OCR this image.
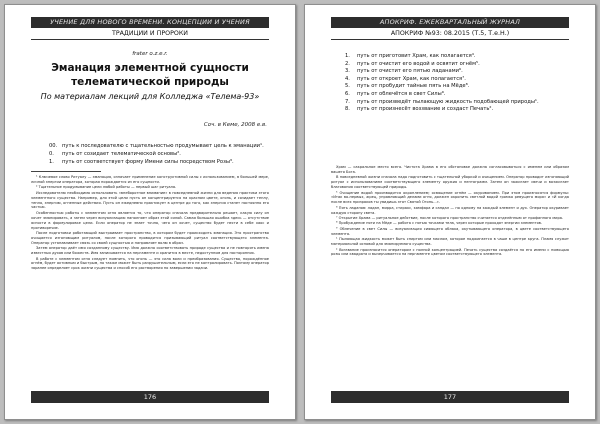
УЧЕНИЕ ДЛЯ НОВОГО ВРЕМЕНИ. КОНЦЕПЦИИ И УЧЕНИЯ
ТРАДИЦИИ И ПРОРОКИ
frater o.z.e.r.
Эманация элементной сущности
телематической природы
По материалам лекций для Колледжа «Телема-93»
Соч. в Кеме, 2008 е.в.
00. путь к последователю с тщательностью продумывает цель к эманации¹.
0. путь от созидает телематической основы².
1. путь от соответствует форму Имени силы посредством Розы³.

¹ Ключевое слово Ритуалу — эманация, означает применение конструктивной силы с использованием, в большей мере, личной энергии оператора, которая порождается из его сущности.

² Тщательное продумывание цели любой работы — первый шаг ритуала.

Исследователю необходимо использовать «внеборотное внимание» в повседневной жизни для ведения практики этого элементного существа. Например, для этой цели пусть он концентрируется на красном цвете, огонь, и созидает теплу, тепло, энергию, огненные действия. Пусть он ежедневно практикует в центре до того, как энергия станет постоянно его частью.

Особенностью работы с элементом огня является то, что оператор сначала предварительно решает, какую силу он хочет эманировать, а затем через визуализацию наполняет образ этой силой. Самая большая ошибка здесь — отсутствие ясности в формулировке цели. Если оператор не знает точно, чего он хочет, существо будет нести в себе хаос и противоречие.

После подготовки работающий выстраивает пространство, в котором будет происходить эманация. Это пространство очищается изгоняющим ритуалом, после которого проводится призывающий ритуал соответствующего элемента. Оператор устанавливает связь со своей сущностью и направляет волю в образ.

Затем оператор даёт имя созданному существу. Имя должно соответствовать природе существа и не повторять имена известных духов или божеств. Имя записывается на пергаменте и хранится в месте, недоступном для посторонних.

В работе с элементом огня следует помнить, что огонь — это сила воли и преобразования. Существо, порождённое огнём, будет активным и быстрым, но также может быть разрушительным, если его не контролировать. Поэтому оператор заранее определяет срок жизни существа и способ его растворения по завершении задачи.

176
АПОКРИФ. ЕЖЕКВАРТАЛЬНЫЙ ЖУРНАЛ
АПОКРИФ №93: 08.2015 (Т.5, Т.е.Н.)
1. путь от приготовит Храм, как полагается⁴.
2. путь от очистит его водой и освятит огнём⁵.
3. путь от очистит его пятью ладанами⁶.
4. путь от откроет Храм, как полагается⁷.
5. путь от пробудит тайные пять на Мёде⁸.
6. путь от облечётся в свет Силы⁹.
7. путь от произведёт пылающую жидкость подобающей природы¹.
8. путь от произнесёт воззвание и создаст Печать².

Храм — сакральное место всего. Чистота Храма в его обстановке должна согласовываться с именем или образом вашего Бога.

В повседневной жизни сначала надо подготовить с тщательной уборкой и очищением. Оператор проводит изгоняющий ритуал с использованием соответствующего элементу оружия и пентаграмм. Затем он зажигает свечи и возжигает благовония соответствующей природы.

⁵ Очищение водой производится окроплением; освящение огнём — окуриванием. При этом произносятся формулы: «Итак во-первых, жрец, управляющий делами огня, должен окропить светлой водой громко ревущего моря» и «И когда после всех призраков ты увидишь этот Святой Огонь...».

⁶ Пять ладанов: ладан, мирра, стиракс, камфара и сандал — по одному на каждый элемент и дух. Оператор окуривает каждую сторону света.

⁷ Открытие Храма — ритуальное действие, после которого пространство считается отделённым от профанного мира.

⁸ Пробуждение пяти на Мёде — работа с пятью точками тела, через которые проходят энергии элементов.

⁹ Облечение в свет Силы — визуализация сияющего облака, окутывающего оператора, в цвете соответствующего элемента.

¹ Пылающая жидкость может быть спиртом или маслом, которое поджигается в чаше в центре круга. Пламя служит материальной основой для эманируемого существа.

² Воззвание произносится оператором с полной концентрацией. Печать существа создаётся по его имени с помощью розы или квадрата и вычерчивается на пергаменте цветом соответствующего элемента.

177
